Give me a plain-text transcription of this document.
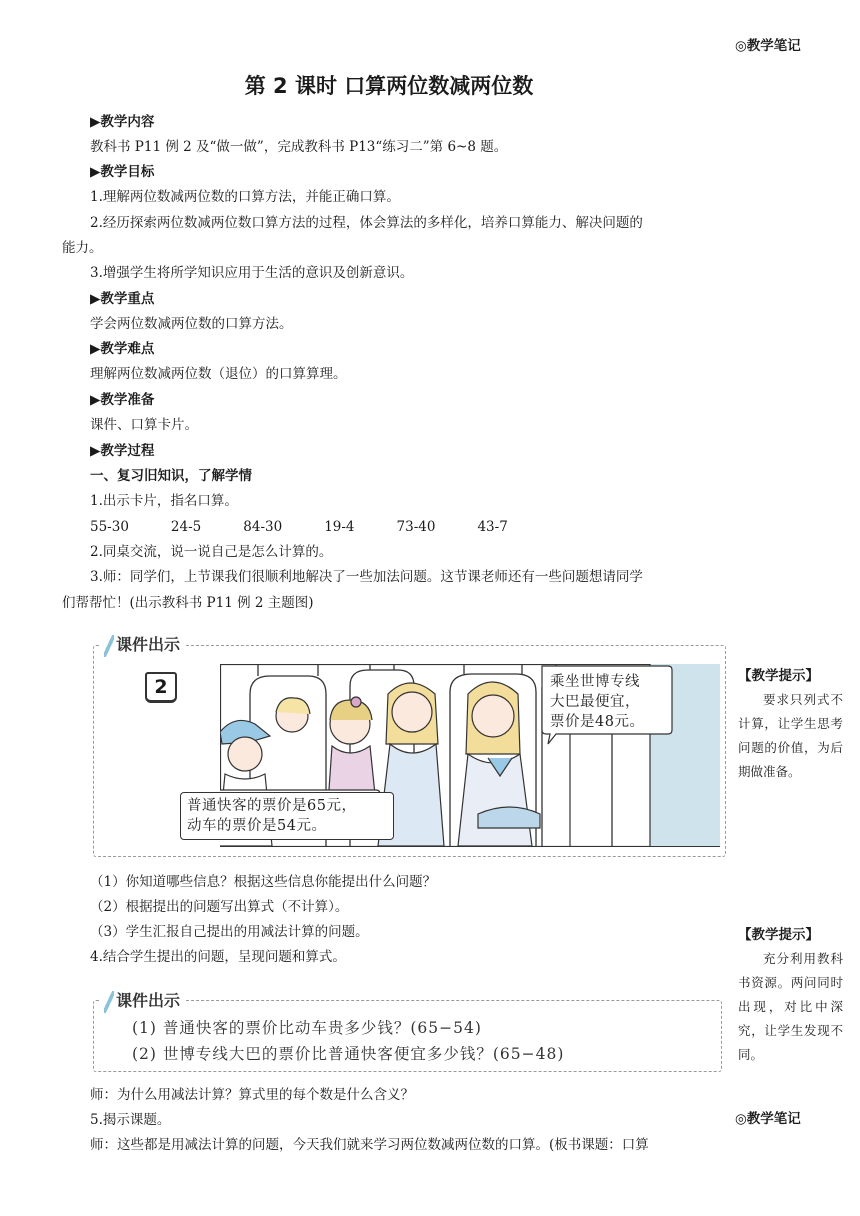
◎教学笔记
第 2 课时 口算两位数减两位数
▶教学内容
教科书 P11 例 2 及“做一做”，完成教科书 P13“练习二”第 6~8 题。
▶教学目标
1.理解两位数减两位数的口算方法，并能正确口算。
2.经历探索两位数减两位数口算方法的过程，体会算法的多样化，培养口算能力、解决问题的
能力。
3.增强学生将所学知识应用于生活的意识及创新意识。
▶教学重点
学会两位数减两位数的口算方法。
▶教学难点
理解两位数减两位数（退位）的口算算理。
▶教学准备
课件、口算卡片。
▶教学过程
一、复习旧知识，了解学情
1.出示卡片，指名口算。
55-30	24-5	84-30	19-4	73-40	43-7
2.同桌交流，说一说自己是怎么计算的。
3.师：同学们，上节课我们很顺利地解决了一些加法问题。这节课老师还有一些问题想请同学
们帮帮忙！(出示教科书 P11 例 2 主题图)
课件出示
2
普通快客的票价是65元，
动车的票价是54元。
乘坐世博专线
大巴最便宜，
票价是48元。
（1）你知道哪些信息？根据这些信息你能提出什么问题？
（2）根据提出的问题写出算式（不计算）。
（3）学生汇报自己提出的用减法计算的问题。
4.结合学生提出的问题，呈现问题和算式。
课件出示
(1) 普通快客的票价比动车贵多少钱？(65−54)
(2) 世博专线大巴的票价比普通快客便宜多少钱？(65−48)
师：为什么用减法计算？算式里的每个数是什么含义？
5.揭示课题。
师：这些都是用减法计算的问题，今天我们就来学习两位数减两位数的口算。(板书课题：口算
【教学提示】
要求只列式不计算，让学生思考问题的价值，为后期做准备。
【教学提示】
充分利用教科书资源。两问同时出现，对比中深究，让学生发现不同。
◎教学笔记
